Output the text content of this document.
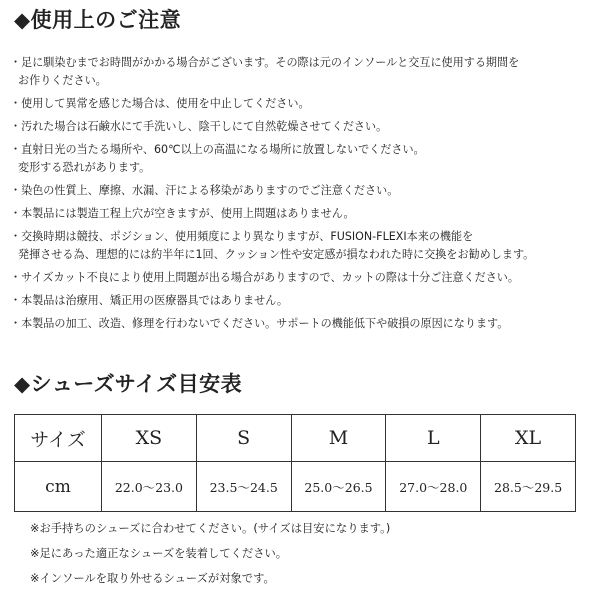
◆使用上のご注意
・足に馴染むまでお時間がかかる場合がございます。その際は元のインソールと交互に使用する期間を
お作りください。
・使用して異常を感じた場合は、使用を中止してください。
・汚れた場合は石鹸水にて手洗いし、陰干しにて自然乾燥させてください。
・直射日光の当たる場所や、60℃以上の高温になる場所に放置しないでください。
変形する恐れがあります。
・染色の性質上、摩擦、水漏、汗による移染がありますのでご注意ください。
・本製品には製造工程上穴が空きますが、使用上問題はありません。
・交換時期は競技、ポジション、使用頻度により異なりますが、FUSION-FLEXI本来の機能を
発揮させる為、理想的には約半年に1回、クッション性や安定感が損なわれた時に交換をお勧めします。
・サイズカット不良により使用上問題が出る場合がありますので、カットの際は十分ご注意ください。
・本製品は治療用、矯正用の医療器具ではありません。
・本製品の加工、改造、修理を行わないでください。サポートの機能低下や破損の原因になります。
◆シューズサイズ目安表
サイズ	XS	S	M	L	XL
cm	22.0～23.0	23.5～24.5	25.0～26.5	27.0～28.0	28.5～29.5
※お手持ちのシューズに合わせてください。(サイズは目安になります。)
※足にあった適正なシューズを装着してください。
※インソールを取り外せるシューズが対象です。
